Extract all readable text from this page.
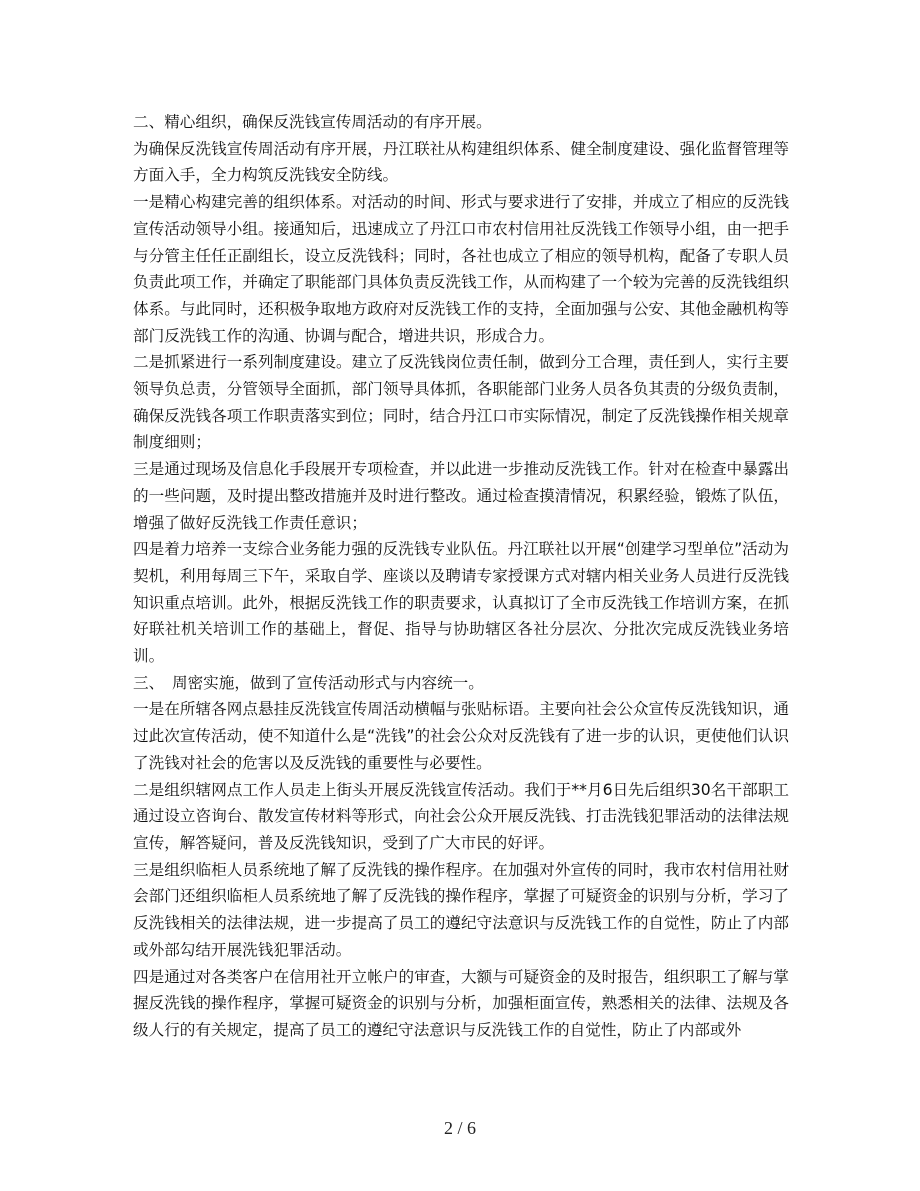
二、精心组织，确保反洗钱宣传周活动的有序开展。

为确保反洗钱宣传周活动有序开展，丹江联社从构建组织体系、健全制度建设、强化监督管理等方面入手，全力构筑反洗钱安全防线。

一是精心构建完善的组织体系。对活动的时间、形式与要求进行了安排，并成立了相应的反洗钱宣传活动领导小组。接通知后，迅速成立了丹江口市农村信用社反洗钱工作领导小组，由一把手与分管主任任正副组长，设立反洗钱科；同时，各社也成立了相应的领导机构，配备了专职人员负责此项工作，并确定了职能部门具体负责反洗钱工作，从而构建了一个较为完善的反洗钱组织体系。与此同时，还积极争取地方政府对反洗钱工作的支持，全面加强与公安、其他金融机构等部门反洗钱工作的沟通、协调与配合，增进共识，形成合力。

二是抓紧进行一系列制度建设。建立了反洗钱岗位责任制，做到分工合理，责任到人，实行主要领导负总责，分管领导全面抓，部门领导具体抓，各职能部门业务人员各负其责的分级负责制，确保反洗钱各项工作职责落实到位；同时，结合丹江口市实际情况，制定了反洗钱操作相关规章制度细则；

三是通过现场及信息化手段展开专项检查，并以此进一步推动反洗钱工作。针对在检查中暴露出的一些问题，及时提出整改措施并及时进行整改。通过检查摸清情况，积累经验，锻炼了队伍，增强了做好反洗钱工作责任意识；

四是着力培养一支综合业务能力强的反洗钱专业队伍。丹江联社以开展“创建学习型单位”活动为契机，利用每周三下午，采取自学、座谈以及聘请专家授课方式对辖内相关业务人员进行反洗钱知识重点培训。此外，根据反洗钱工作的职责要求，认真拟订了全市反洗钱工作培训方案，在抓好联社机关培训工作的基础上，督促、指导与协助辖区各社分层次、分批次完成反洗钱业务培训。

三、　周密实施，做到了宣传活动形式与内容统一。

一是在所辖各网点悬挂反洗钱宣传周活动横幅与张贴标语。主要向社会公众宣传反洗钱知识，通过此次宣传活动，使不知道什么是“洗钱”的社会公众对反洗钱有了进一步的认识，更使他们认识了洗钱对社会的危害以及反洗钱的重要性与必要性。

二是组织辖网点工作人员走上街头开展反洗钱宣传活动。我们于**月6日先后组织30名干部职工通过设立咨询台、散发宣传材料等形式，向社会公众开展反洗钱、打击洗钱犯罪活动的法律法规宣传，解答疑问，普及反洗钱知识，受到了广大市民的好评。

三是组织临柜人员系统地了解了反洗钱的操作程序。在加强对外宣传的同时，我市农村信用社财会部门还组织临柜人员系统地了解了反洗钱的操作程序，掌握了可疑资金的识别与分析，学习了反洗钱相关的法律法规，进一步提高了员工的遵纪守法意识与反洗钱工作的自觉性，防止了内部或外部勾结开展洗钱犯罪活动。

四是通过对各类客户在信用社开立帐户的审查，大额与可疑资金的及时报告，组织职工了解与掌握反洗钱的操作程序，掌握可疑资金的识别与分析，加强柜面宣传，熟悉相关的法律、法规及各级人行的有关规定，提高了员工的遵纪守法意识与反洗钱工作的自觉性，防止了内部或外

2 / 6
